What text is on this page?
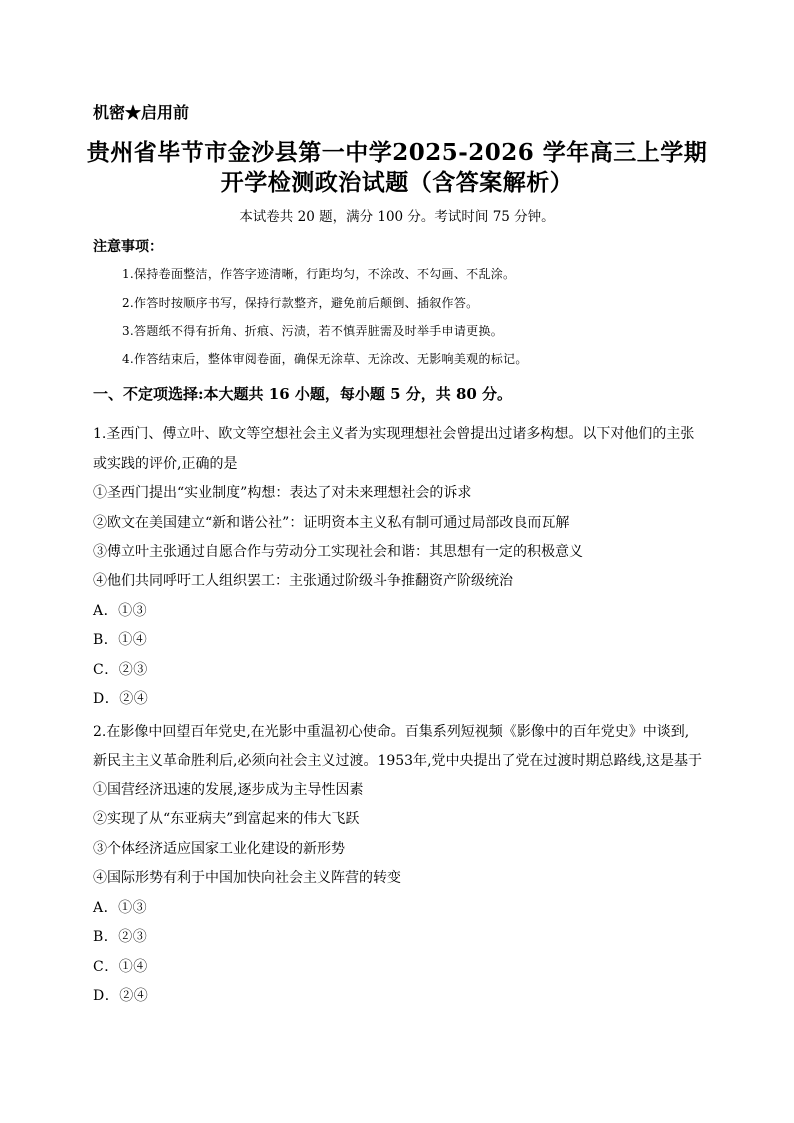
机密★启用前
贵州省毕节市金沙县第一中学2025-2026 学年高三上学期
开学检测政治试题（含答案解析）
本试卷共 20 题，满分 100 分。考试时间 75 分钟。
注意事项：
1.保持卷面整洁，作答字迹清晰，行距均匀，不涂改、不勾画、不乱涂。
2.作答时按顺序书写，保持行款整齐，避免前后颠倒、插叙作答。
3.答题纸不得有折角、折痕、污渍，若不慎弄脏需及时举手申请更换。
4.作答结束后，整体审阅卷面，确保无涂草、无涂改、无影响美观的标记。
一、不定项选择:本大题共 16 小题，每小题 5 分，共 80 分。
1.圣西门、傅立叶、欧文等空想社会主义者为实现理想社会曾提出过诸多构想。以下对他们的主张
或实践的评价,正确的是
①圣西门提出“实业制度”构想：表达了对未来理想社会的诉求
②欧文在美国建立“新和谐公社”：证明资本主义私有制可通过局部改良而瓦解
③傅立叶主张通过自愿合作与劳动分工实现社会和谐：其思想有一定的积极意义
④他们共同呼吁工人组织罢工：主张通过阶级斗争推翻资产阶级统治
A．①③
B．①④
C．②③
D．②④
2.在影像中回望百年党史,在光影中重温初心使命。百集系列短视频《影像中的百年党史》中谈到,
新民主主义革命胜利后,必须向社会主义过渡。1953年,党中央提出了党在过渡时期总路线,这是基于
①国营经济迅速的发展,逐步成为主导性因素
②实现了从“东亚病夫”到富起来的伟大飞跃
③个体经济适应国家工业化建设的新形势
④国际形势有利于中国加快向社会主义阵营的转变
A．①③
B．②③
C．①④
D．②④
